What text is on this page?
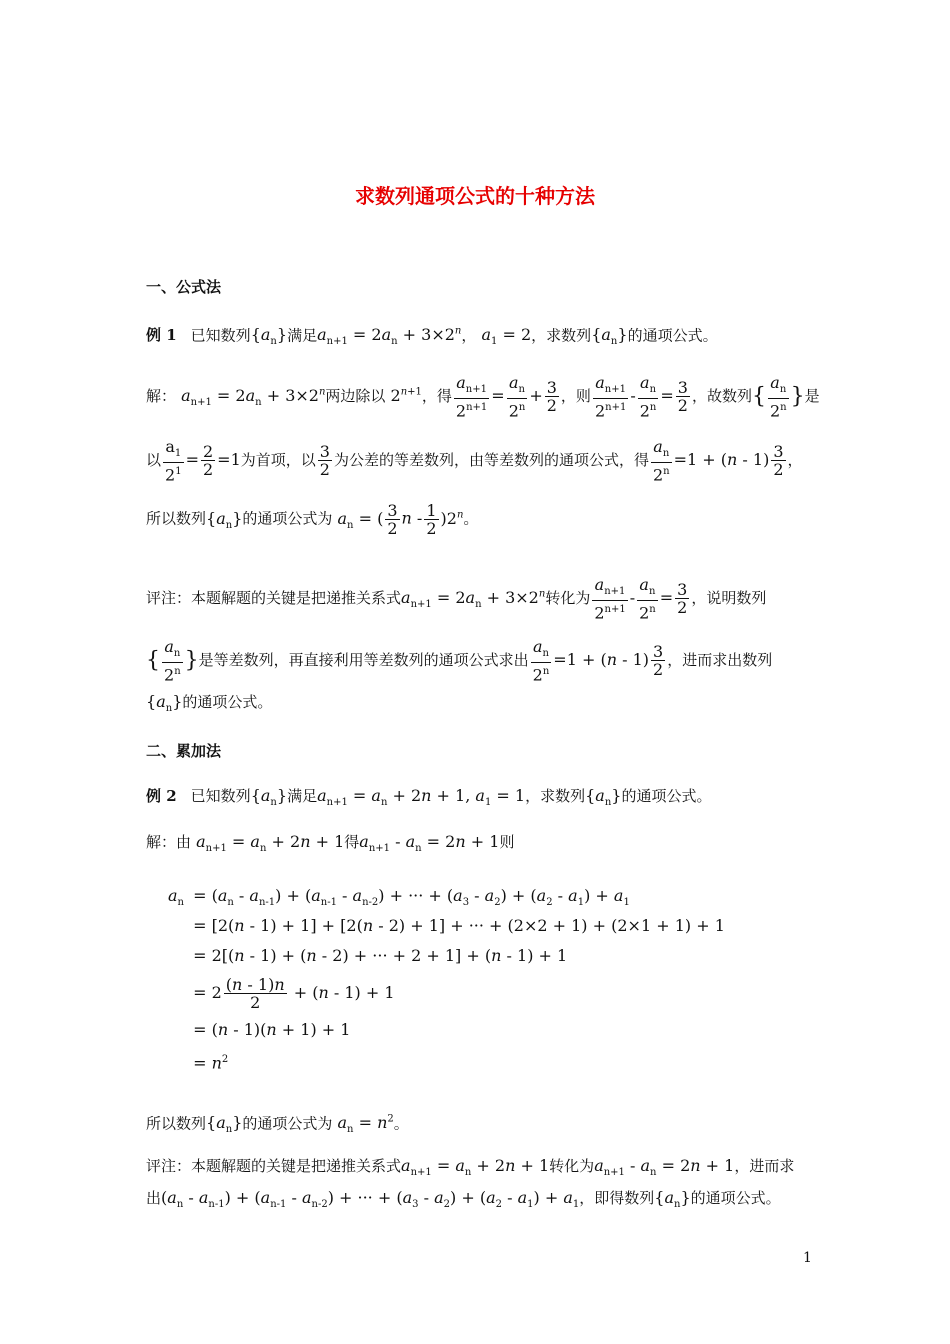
求数列通项公式的十种方法
一、公式法
例 1 已知数列$\{a_n\}$满足$a_{n+1} = 2a_n + 3\times 2^n$， $a_1 = 2$，求数列$\{a_n\}$的通项公式。
解： $a_{n+1} = 2a_n + 3\times 2^n$两边除以 $2^{n+1}$，得 $\frac{a_{n+1}}{2^{n+1}} = \frac{a_n}{2^n} + \frac{3}{2}$ ，则 $\frac{a_{n+1}}{2^{n+1}} - \frac{a_n}{2^n} = \frac{3}{2}$ ，故数列{ $\frac{a_n}{2^n}$ }是
以 $\frac{a_1}{2^1} = \frac{2}{2} =1$为首项，以 $\frac{3}{2}$ 为公差的等差数列，由等差数列的通项公式，得 $\frac{a_n}{2^n} =1 + (n - 1) \frac{3}{2}$ ，
所以数列$\{a_n\}$的通项公式为 $a_n$ = ( $\frac{3}{2}$ n - $\frac{1}{2} )2^n$。
评注：本题解题的关键是把递推关系式$a_{n+1} = 2a_n + 3\times 2^n$转化为 $\frac{a_{n+1}}{2^{n+1}} - \frac{a_n}{2^n} = \frac{3}{2}$ ，说明数列
{ $\frac{a_n}{2^n}$ }是等差数列，再直接利用等差数列的通项公式求出 $\frac{a_n}{2^n} =1 + (n - 1) \frac{3}{2}$ ，进而求出数列
$\{a_n\}$的通项公式。
二、累加法
例 2 已知数列$\{a_n\}$满足$a_{n+1} = a_n + 2n + 1$, $a_1 = 1$，求数列$\{a_n\}$的通项公式。
解：由 $a_{n+1} = a_n + 2n + 1$得$a_{n+1} - a_n = 2n + 1$则
$a_n = (a_n - a_{n-1}) + (a_{n-1} - a_{n-2})$ + ··· + $(a_3 - a_2) + (a_2 - a_1) + a_1$
= [2(n - 1) + 1] + [2(n - 2) + 1] + ··· + (2×2 + 1) + (2×1 + 1) + 1
= 2[(n - 1) + (n - 2) + ··· + 2 + 1] + (n - 1) + 1
= $2 \frac{(n - 1)n}{2} + (n - 1) + 1$
= (n - 1)(n + 1) + 1
= $n^2$
所以数列$\{a_n\}$的通项公式为 $a_n = n^2$。
评注：本题解题的关键是把递推关系式$a_{n+1} = a_n + 2n + 1$转化为$a_{n+1} - a_n = 2n + 1$，进而求
出$(a_n - a_{n-1}) + (a_{n-1} - a_{n-2})$ + ··· + $(a_3 - a_2) + (a_2 - a_1) + a_1$，即得数列$\{a_n\}$的通项公式。
1
